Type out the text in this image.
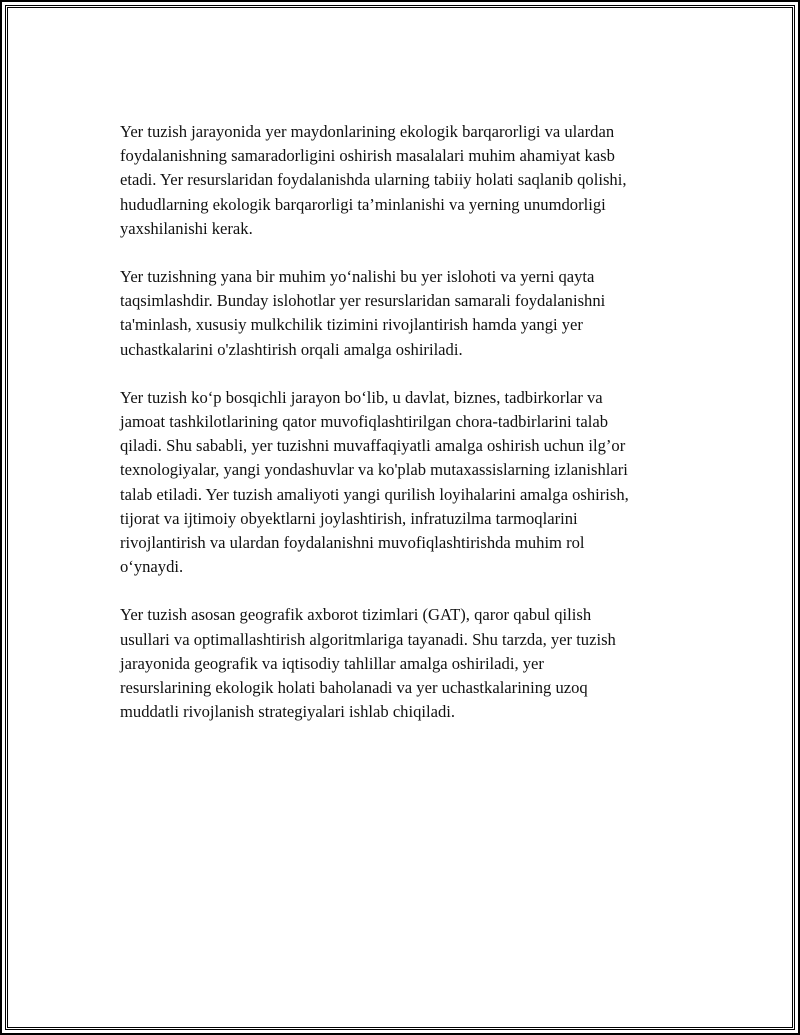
Yer tuzish jarayonida yer maydonlarining ekologik barqarorligi va ulardan
foydalanishning samaradorligini oshirish masalalari muhim ahamiyat kasb
etadi. Yer resurslaridan foydalanishda ularning tabiiy holati saqlanib qolishi,
hududlarning ekologik barqarorligi ta’minlanishi va yerning unumdorligi
yaxshilanishi kerak.

Yer tuzishning yana bir muhim yo‘nalishi bu yer islohoti va yerni qayta
taqsimlashdir. Bunday islohotlar yer resurslaridan samarali foydalanishni
ta'minlash, xususiy mulkchilik tizimini rivojlantirish hamda yangi yer
uchastkalarini o'zlashtirish orqali amalga oshiriladi.

Yer tuzish ko‘p bosqichli jarayon bo‘lib, u davlat, biznes, tadbirkorlar va
jamoat tashkilotlarining qator muvofiqlashtirilgan chora-tadbirlarini talab
qiladi. Shu sababli, yer tuzishni muvaffaqiyatli amalga oshirish uchun ilg’or
texnologiyalar, yangi yondashuvlar va ko'plab mutaxassislarning izlanishlari
talab etiladi. Yer tuzish amaliyoti yangi qurilish loyihalarini amalga oshirish,
tijorat va ijtimoiy obyektlarni joylashtirish, infratuzilma tarmoqlarini
rivojlantirish va ulardan foydalanishni muvofiqlashtirishda muhim rol
o‘ynaydi.

Yer tuzish asosan geografik axborot tizimlari (GAT), qaror qabul qilish
usullari va optimallashtirish algoritmlariga tayanadi. Shu tarzda, yer tuzish
jarayonida geografik va iqtisodiy tahlillar amalga oshiriladi, yer
resurslarining ekologik holati baholanadi va yer uchastkalarining uzoq
muddatli rivojlanish strategiyalari ishlab chiqiladi.
